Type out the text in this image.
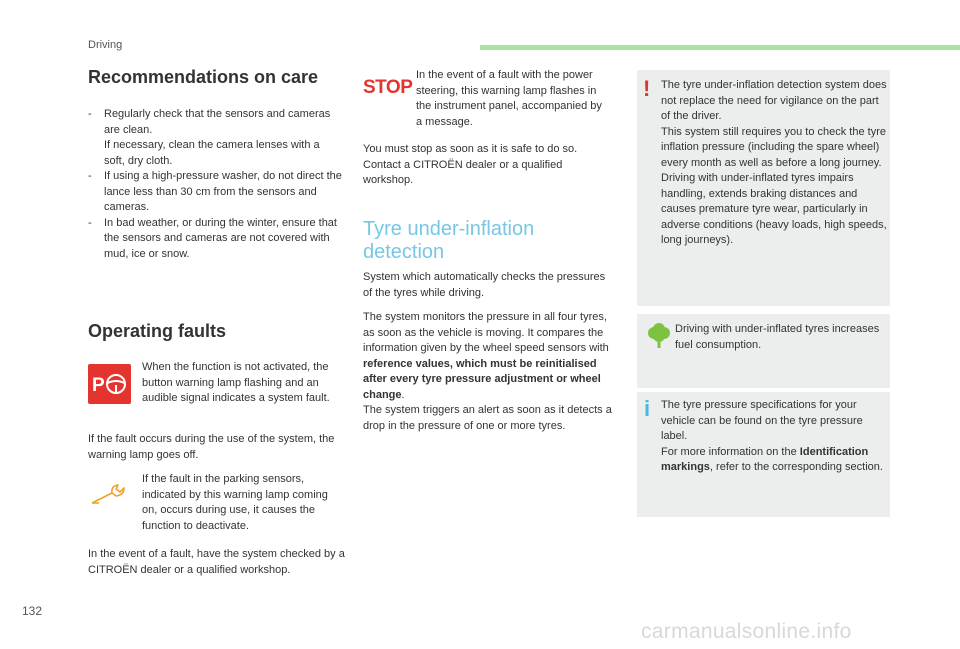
Driving
Recommendations on care
-	Regularly check that the sensors and cameras are clean.
If necessary, clean the camera lenses with a soft, dry cloth.
-	If using a high-pressure washer, do not direct the lance less than 30 cm from the sensors and cameras.
-	In bad weather, or during the winter, ensure that the sensors and cameras are not covered with mud, ice or snow.
Operating faults
P
When the function is not activated, the button warning lamp flashing and an audible signal indicates a system fault.
If the fault occurs during the use of the system, the warning lamp goes off.
If the fault in the parking sensors, indicated by this warning lamp coming on, occurs during use, it causes the function to deactivate.
In the event of a fault, have the system checked by a CITROËN dealer or a qualified workshop.
STOP
In the event of a fault with the power steering, this warning lamp flashes in the instrument panel, accompanied by a message.
You must stop as soon as it is safe to do so. Contact a CITROËN dealer or a qualified workshop.
Tyre under-inflation detection
System which automatically checks the pressures of the tyres while driving.
The system monitors the pressure in all four tyres, as soon as the vehicle is moving. It compares the information given by the wheel speed sensors with reference values, which must be reinitialised after every tyre pressure adjustment or wheel change.
The system triggers an alert as soon as it detects a drop in the pressure of one or more tyres.
! The tyre under-inflation detection system does not replace the need for vigilance on the part of the driver.
This system still requires you to check the tyre inflation pressure (including the spare wheel) every month as well as before a long journey.
Driving with under-inflated tyres impairs handling, extends braking distances and causes premature tyre wear, particularly in adverse conditions (heavy loads, high speeds, long journeys).
Driving with under-inflated tyres increases fuel consumption.
i The tyre pressure specifications for your vehicle can be found on the tyre pressure label.
For more information on the Identification markings, refer to the corresponding section.
132
carmanualsonline.info
